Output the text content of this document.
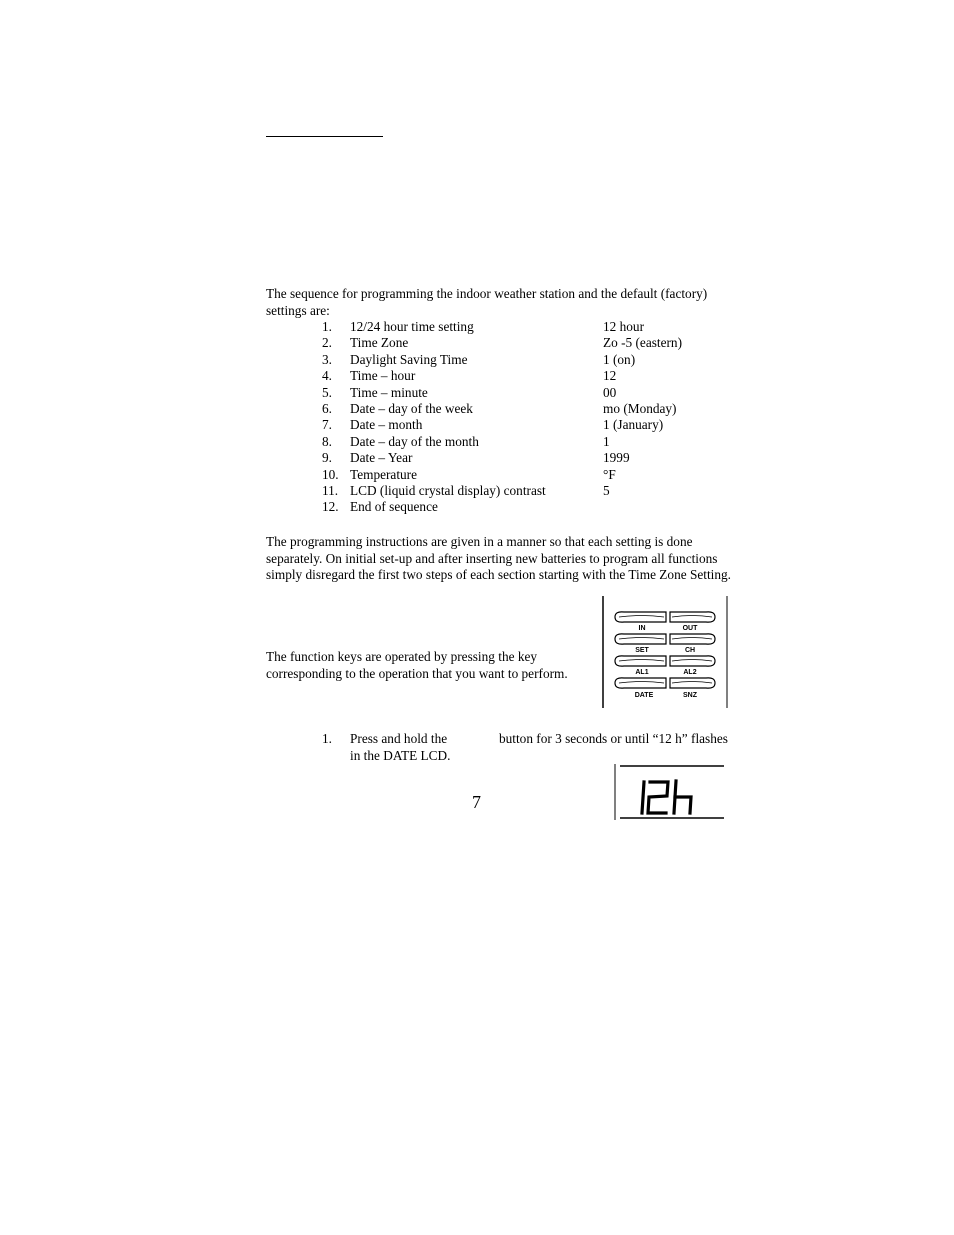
The sequence for programming the indoor weather station and the default (factory) settings are:

1.	12/24 hour time setting	12 hour
2.	Time Zone	Zo -5 (eastern)
3.	Daylight Saving Time	1 (on)
4.	Time – hour	12
5.	Time – minute	00
6.	Date – day of the week	mo (Monday)
7.	Date – month	1 (January)
8.	Date – day of the month	1
9.	Date – Year	1999
10. Temperature	°F
11. LCD (liquid crystal display) contrast	5
12. End of sequence

The programming instructions are given in a manner so that each setting is done separately. On initial set-up and after inserting new batteries to program all functions simply disregard the first two steps of each section starting with the Time Zone Setting.

The function keys are operated by pressing the key corresponding to the operation that you want to perform.

IN	OUT
SET	CH
AL1	AL2
DATE	SNZ
1. Press and hold the	button for 3 seconds or until “12 h” flashes
in the DATE LCD.
7
12h
